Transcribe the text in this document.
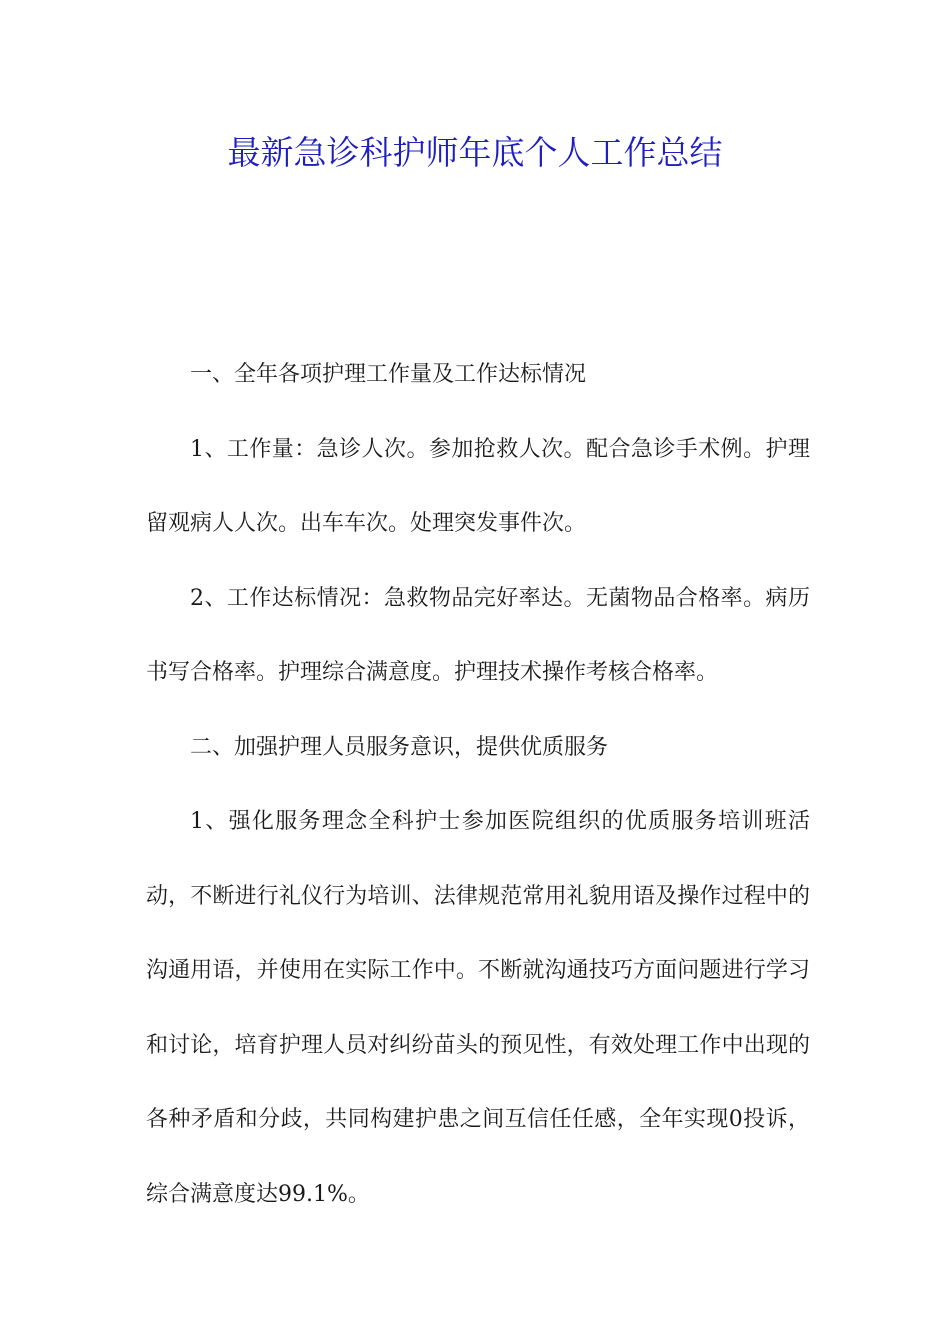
最新急诊科护师年底个人工作总结

一、全年各项护理工作量及工作达标情况

1、工作量：急诊人次。参加抢救人次。配合急诊手术例。护理留观病人人次。出车车次。处理突发事件次。

2、工作达标情况：急救物品完好率达。无菌物品合格率。病历书写合格率。护理综合满意度。护理技术操作考核合格率。

二、加强护理人员服务意识，提供优质服务

1、强化服务理念全科护士参加医院组织的优质服务培训班活动，不断进行礼仪行为培训、法律规范常用礼貌用语及操作过程中的沟通用语，并使用在实际工作中。不断就沟通技巧方面问题进行学习和讨论，培育护理人员对纠纷苗头的预见性，有效处理工作中出现的各种矛盾和分歧，共同构建护患之间互信任任感，全年实现0投诉，综合满意度达99.1%。
